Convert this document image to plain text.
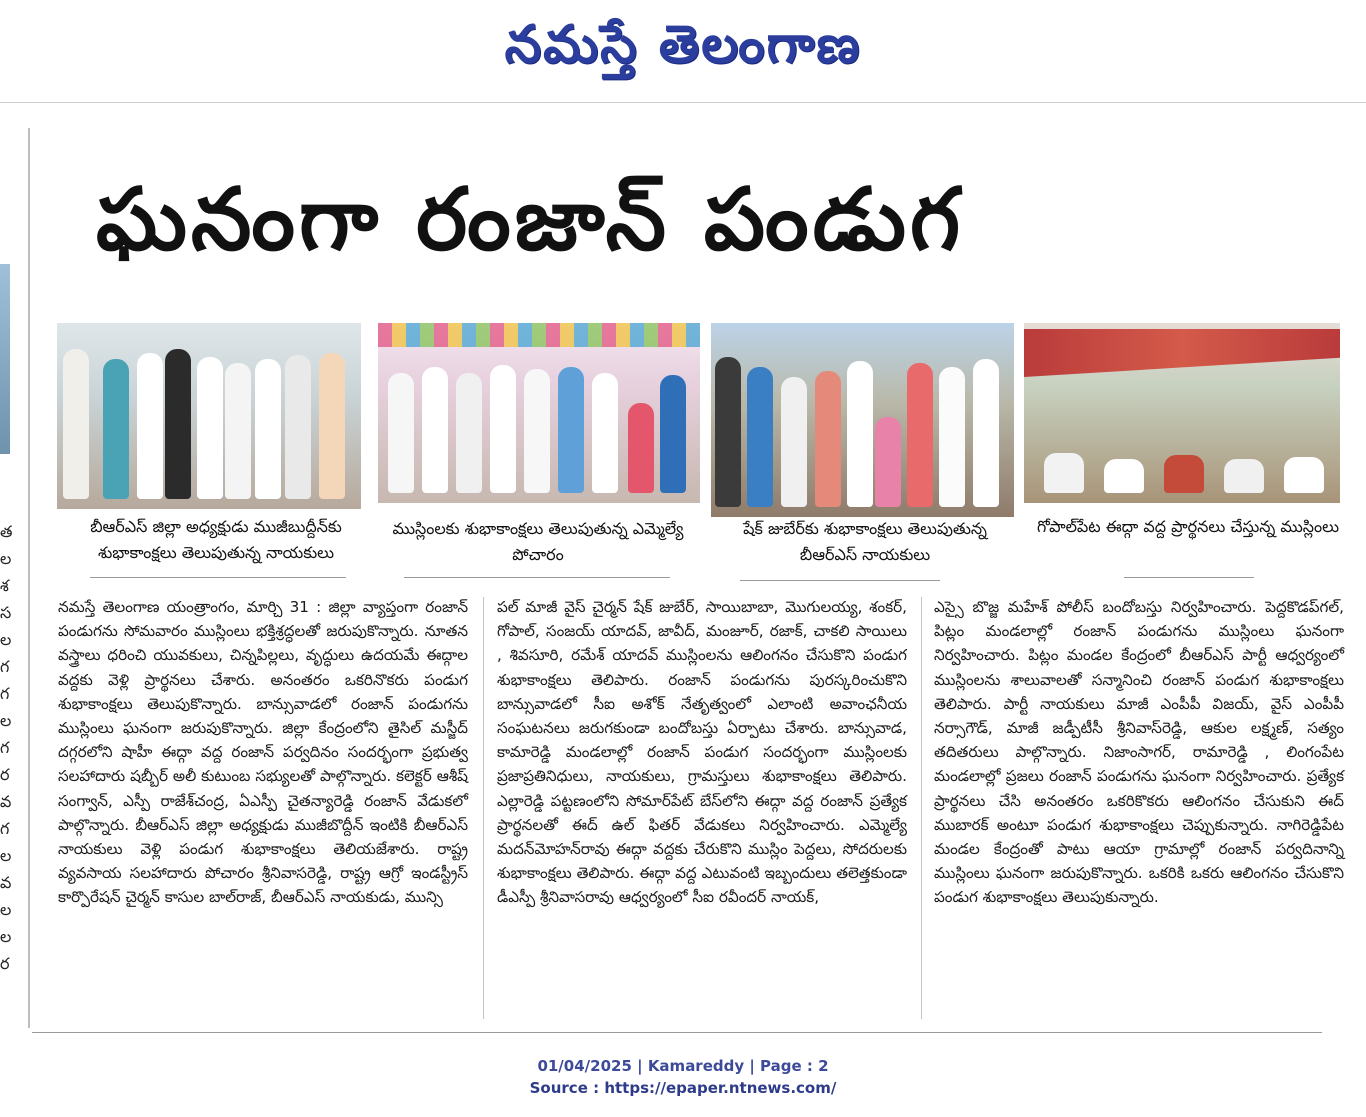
నమస్తే తెలంగాణ
త
ల
శ
స
ల
గ
గ
ల
గ
ర
వ
గ
ల
వ
ల
ల
ర
ఘనంగా రంజాన్ పండుగ
బీఆర్ఎస్ జిల్లా అధ్యక్షుడు ముజీబుద్దీన్‌కు శుభాకాంక్షలు తెలుపుతున్న నాయకులు
ముస్లింలకు శుభాకాంక్షలు తెలుపుతున్న ఎమ్మెల్యే పోచారం
షేక్ జుబేర్‌కు శుభాకాంక్షలు తెలుపుతున్న బీఆర్ఎస్ నాయకులు
గోపాల్‌పేట ఈద్గా వద్ద ప్రార్థనలు చేస్తున్న ముస్లింలు
నమస్తే తెలంగాణ యంత్రాంగం, మార్చి 31 : జిల్లా వ్యాప్తంగా రంజాన్ పండుగను సోమవారం ముస్లింలు భక్తిశ్రద్ధలతో జరుపుకొన్నారు. నూతన వస్త్రాలు ధరించి యువకులు, చిన్నపిల్లలు, వృద్ధులు ఉదయమే ఈద్గాల వద్దకు వెళ్లి ప్రార్థనలు చేశారు. అనంతరం ఒకరినొకరు పండుగ శుభాకాంక్షలు తెలుపుకొన్నారు. బాన్సువాడలో రంజాన్ పండుగను ముస్లింలు ఘనంగా జరుపుకొన్నారు. జిల్లా కేంద్రంలోని తైసిల్ మస్జీద్ దగ్గరలోని షాహీ ఈద్గా వద్ద రంజాన్ పర్వదినం సందర్భంగా ప్రభుత్వ సలహాదారు షబ్బీర్ అలీ కుటుంబ సభ్యులతో పాల్గొన్నారు. కలెక్టర్ ఆశీష్ సంగ్వాన్, ఎస్పీ రాజేశ్‌చంద్ర, ఏఎస్పీ చైతన్యారెడ్డి రంజాన్ వేడుకలో పాల్గొన్నారు. బీఆర్ఎస్ జిల్లా అధ్యక్షుడు ముజీబొద్దీన్ ఇంటికి బీఆర్ఎస్ నాయకులు వెళ్లి పండుగ శుభాకాంక్షలు తెలియజేశారు. రాష్ట్ర వ్యవసాయ సలహాదారు పోచారం శ్రీనివాసరెడ్డి, రాష్ట్ర ఆగ్రో ఇండస్ట్రీస్ కార్పొరేషన్ చైర్మన్ కాసుల బాల్‌రాజ్, బీఆర్ఎస్ నాయకుడు, మున్సి
పల్ మాజీ వైస్ చైర్మన్ షేక్ జుబేర్, సాయిబాబా, మొగులయ్య, శంకర్, గోపాల్, సంజయ్ యాదవ్, జావీద్, మంజూర్, రజాక్, చాకలి సాయిలు , శివసూరి, రమేశ్ యాదవ్ ముస్లింలను ఆలింగనం చేసుకొని పండుగ శుభాకాంక్షలు తెలిపారు. రంజాన్ పండుగను పురస్కరించుకొని బాన్సువాడలో సీఐ అశోక్ నేతృత్వంలో ఎలాంటి అవాంఛనీయ సంఘటనలు జరుగకుండా బందోబస్తు ఏర్పాటు చేశారు. బాన్సువాడ, కామారెడ్డి మండలాల్లో రంజాన్ పండుగ సందర్భంగా ముస్లింలకు ప్రజాప్రతినిధులు, నాయకులు, గ్రామస్తులు శుభాకాంక్షలు తెలిపారు. ఎల్లారెడ్డి పట్టణంలోని సోమార్‌పేట్ బేస్‌లోని ఈద్గా వద్ద రంజాన్ ప్రత్యేక ప్రార్థనలతో ఈద్ ఉల్ ఫితర్ వేడుకలు నిర్వహించారు. ఎమ్మెల్యే మదన్‌మోహన్‌రావు ఈద్గా వద్దకు చేరుకొని ముస్లిం పెద్దలు, సోదరులకు శుభాకాంక్షలు తెలిపారు. ఈద్గా వద్ద ఎటువంటి ఇబ్బందులు తలెత్తకుండా డీఎస్పీ శ్రీనివాసరావు ఆధ్వర్యంలో సీఐ రవీందర్ నాయక్,
ఎస్సై బొజ్జ మహేశ్ పోలీస్ బందోబస్తు నిర్వహించారు. పెద్దకొడప్‌గల్, పిట్లం మండలాల్లో రంజాన్ పండుగను ముస్లింలు ఘనంగా నిర్వహించారు. పిట్లం మండల కేంద్రంలో బీఆర్ఎస్ పార్టీ ఆధ్వర్యంలో ముస్లింలను శాలువాలతో సన్మానించి రంజాన్ పండుగ శుభాకాంక్షలు తెలిపారు. పార్టీ నాయకులు మాజీ ఎంపీపీ విజయ్, వైస్ ఎంపీపీ నర్సాగౌడ్, మాజీ జడ్పీటీసీ శ్రీనివాస్‌రెడ్డి, ఆకుల లక్ష్మణ్, సత్యం తదితరులు పాల్గొన్నారు. నిజాంసాగర్, రామారెడ్డి , లింగంపేట మండలాల్లో ప్రజలు రంజాన్ పండుగను ఘనంగా నిర్వహించారు. ప్రత్యేక ప్రార్థనలు చేసి అనంతరం ఒకరికొకరు ఆలింగనం చేసుకుని ఈద్ ముబారక్ అంటూ పండుగ శుభాకాంక్షలు చెప్పుకున్నారు. నాగిరెడ్డిపేట మండల కేంద్రంతో పాటు ఆయా గ్రామాల్లో రంజాన్ పర్వదినాన్ని ముస్లింలు ఘనంగా జరుపుకొన్నారు. ఒకరికి ఒకరు ఆలింగనం చేసుకొని పండుగ శుభాకాంక్షలు తెలుపుకున్నారు.
01/04/2025 | Kamareddy | Page : 2
Source : https://epaper.ntnews.com/
